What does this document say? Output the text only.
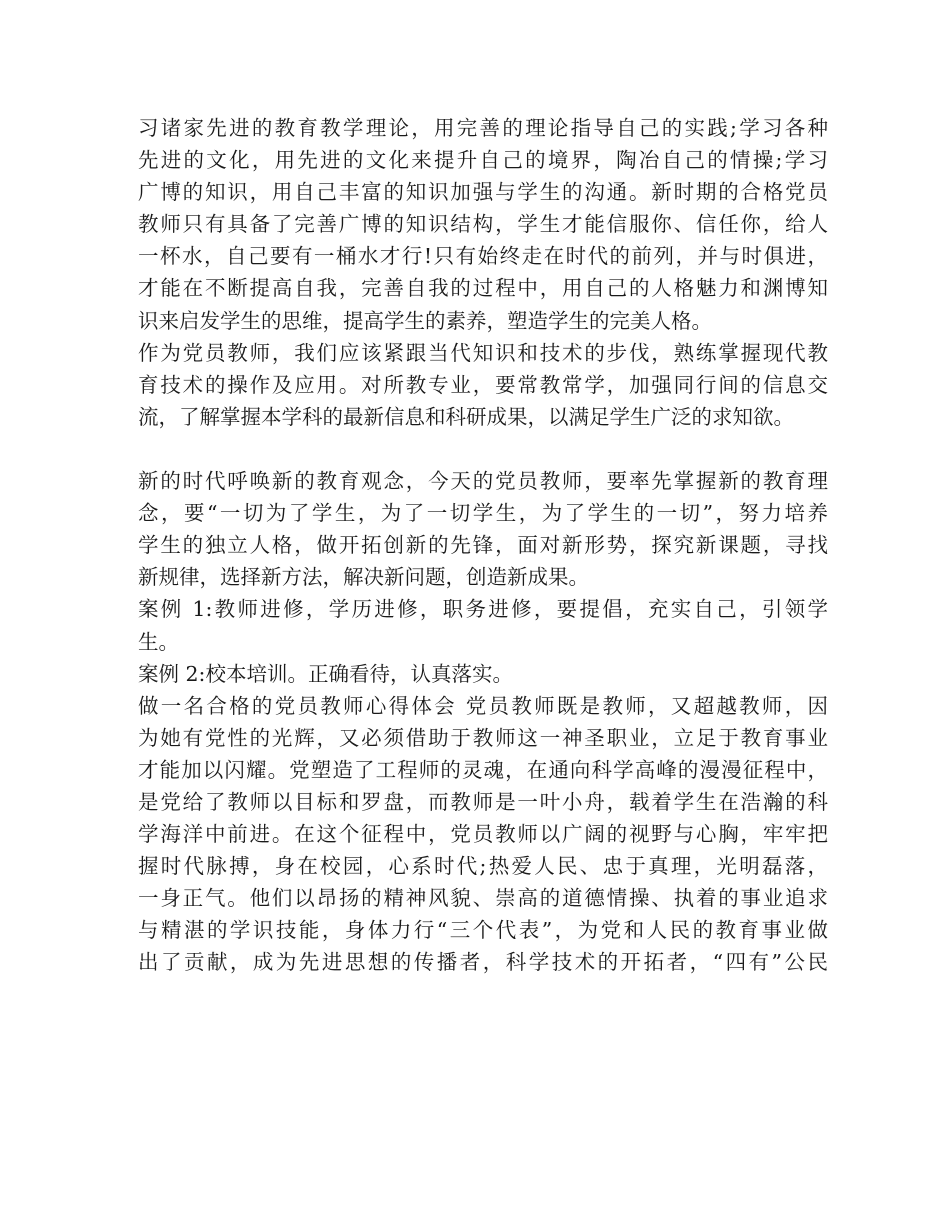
习诸家先进的教育教学理论，用完善的理论指导自己的实践;学习各种
先进的文化，用先进的文化来提升自己的境界，陶冶自己的情操;学习
广博的知识，用自己丰富的知识加强与学生的沟通。新时期的合格党员
教师只有具备了完善广博的知识结构，学生才能信服你、信任你，给人
一杯水，自己要有一桶水才行!只有始终走在时代的前列，并与时俱进，
才能在不断提高自我，完善自我的过程中，用自己的人格魅力和渊博知
识来启发学生的思维，提高学生的素养，塑造学生的完美人格。
作为党员教师，我们应该紧跟当代知识和技术的步伐，熟练掌握现代教
育技术的操作及应用。对所教专业，要常教常学，加强同行间的信息交
流，了解掌握本学科的最新信息和科研成果，以满足学生广泛的求知欲。
新的时代呼唤新的教育观念，今天的党员教师，要率先掌握新的教育理
念，要“一切为了学生，为了一切学生，为了学生的一切”，努力培养
学生的独立人格，做开拓创新的先锋，面对新形势，探究新课题，寻找
新规律，选择新方法，解决新问题，创造新成果。
案例 1:教师进修，学历进修，职务进修，要提倡，充实自己，引领学
生。
案例 2:校本培训。正确看待，认真落实。
做一名合格的党员教师心得体会 党员教师既是教师，又超越教师，因
为她有党性的光辉，又必须借助于教师这一神圣职业，立足于教育事业
才能加以闪耀。党塑造了工程师的灵魂，在通向科学高峰的漫漫征程中，
是党给了教师以目标和罗盘，而教师是一叶小舟，载着学生在浩瀚的科
学海洋中前进。在这个征程中，党员教师以广阔的视野与心胸，牢牢把
握时代脉搏，身在校园，心系时代;热爱人民、忠于真理，光明磊落，
一身正气。他们以昂扬的精神风貌、崇高的道德情操、执着的事业追求
与精湛的学识技能，身体力行“三个代表”，为党和人民的教育事业做
出了贡献，成为先进思想的传播者，科学技术的开拓者，“四有”公民
